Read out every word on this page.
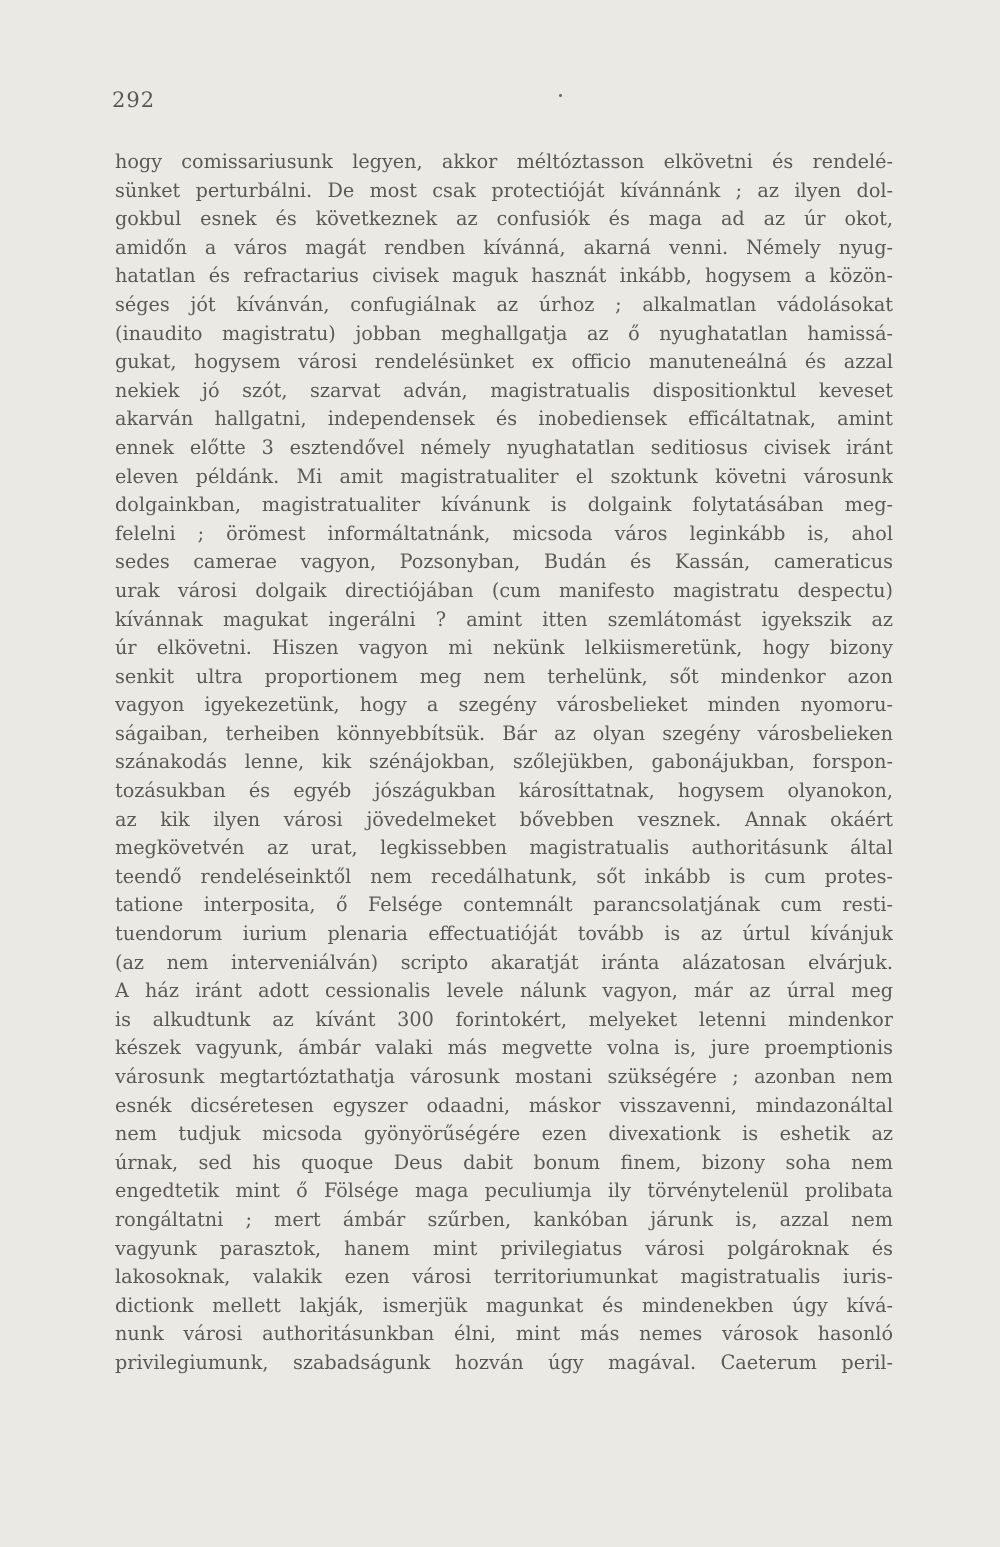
292
hogy comissariusunk legyen, akkor méltóztasson elkövetni és rendelé-
sünket perturbálni. De most csak protectióját kívánnánk ; az ilyen dol-
gokbul esnek és következnek az confusiók és maga ad az úr okot,
amidőn a város magát rendben kívánná, akarná venni. Némely nyug-
hatatlan és refractarius civisek maguk hasznát inkább, hogysem a közön-
séges jót kívánván, confugiálnak az úrhoz ; alkalmatlan vádolásokat
(inaudito magistratu) jobban meghallgatja az ő nyughatatlan hamissá-
gukat, hogysem városi rendelésünket ex officio manuteneálná és azzal
nekiek jó szót, szarvat adván, magistratualis dispositionktul keveset
akarván hallgatni, independensek és inobediensek efficáltatnak, amint
ennek előtte 3 esztendővel némely nyughatatlan seditiosus civisek iránt
eleven példánk. Mi amit magistratualiter el szoktunk követni városunk
dolgainkban, magistratualiter kívánunk is dolgaink folytatásában meg-
felelni ; örömest informáltatnánk, micsoda város leginkább is, ahol
sedes camerae vagyon, Pozsonyban, Budán és Kassán, cameraticus
urak városi dolgaik directiójában (cum manifesto magistratu despectu)
kívánnak magukat ingerálni ? amint itten szemlátomást igyekszik az
úr elkövetni. Hiszen vagyon mi nekünk lelkiismeretünk, hogy bizony
senkit ultra proportionem meg nem terhelünk, sőt mindenkor azon
vagyon igyekezetünk, hogy a szegény városbelieket minden nyomoru-
ságaiban, terheiben könnyebbítsük. Bár az olyan szegény városbelieken
szánakodás lenne, kik szénájokban, szőlejükben, gabonájukban, forspon-
tozásukban és egyéb jószágukban károsíttatnak, hogysem olyanokon,
az kik ilyen városi jövedelmeket bővebben vesznek. Annak okáért
megkövetvén az urat, legkissebben magistratualis authoritásunk által
teendő rendeléseinktől nem recedálhatunk, sőt inkább is cum protes-
tatione interposita, ő Felsége contemnált parancsolatjának cum resti-
tuendorum iurium plenaria effectuatióját tovább is az úrtul kívánjuk
(az nem interveniálván) scripto akaratját iránta alázatosan elvárjuk.
A ház iránt adott cessionalis levele nálunk vagyon, már az úrral meg
is alkudtunk az kívánt 300 forintokért, melyeket letenni mindenkor
készek vagyunk, ámbár valaki más megvette volna is, jure proemptionis
városunk megtartóztathatja városunk mostani szükségére ; azonban nem
esnék dicséretesen egyszer odaadni, máskor visszavenni, mindazonáltal
nem tudjuk micsoda gyönyörűségére ezen divexationk is eshetik az
úrnak, sed his quoque Deus dabit bonum finem, bizony soha nem
engedtetik mint ő Fölsége maga peculiumja ily törvénytelenül prolibata
rongáltatni ; mert ámbár szűrben, kankóban járunk is, azzal nem
vagyunk parasztok, hanem mint privilegiatus városi polgároknak és
lakosoknak, valakik ezen városi territoriumunkat magistratualis iuris-
dictionk mellett lakják, ismerjük magunkat és mindenekben úgy kívá-
nunk városi authoritásunkban élni, mint más nemes városok hasonló
privilegiumunk, szabadságunk hozván úgy magával. Caeterum peril-
